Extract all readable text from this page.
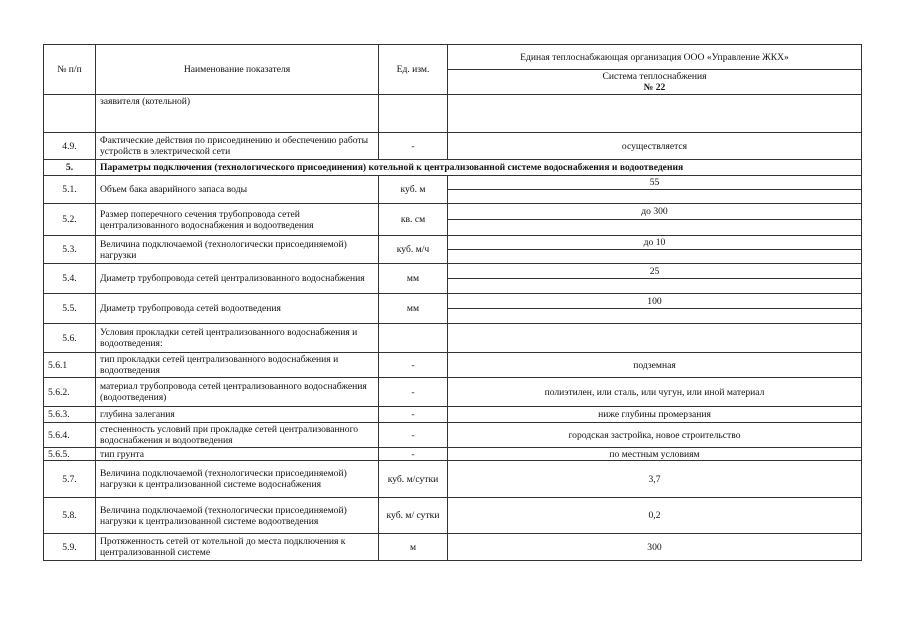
№ п/п	Наименование показателя	Ед. изм.	Единая теплоснабжающая организация ООО «Управление ЖКХ»

			Система теплоснабжения
№ 22

	заявителя (котельной)		
4.9.	Фактические действия по присоединению и обеспечению работы устройств в электрической сети	-	осуществляется
5.	Параметры подключения (технологического присоединения) котельной к централизованной системе водоснабжения и водоотведения		
5.1.	Объем бака аварийного запаса воды	куб. м	55

5.2.	Размер поперечного сечения трубопровода сетей централизованного водоснабжения и водоотведения	кв. см	до 300

5.3.	Величина подключаемой (технологически присоединяемой) нагрузки	куб. м/ч	до 10

5.4.	Диаметр трубопровода сетей централизованного водоснабжения	мм	25

5.5.	Диаметр трубопровода сетей водоотведения	мм	100

5.6.	Условия прокладки сетей централизованного водоснабжения и водоотведения:		
5.6.1	тип прокладки сетей централизованного водоснабжения и водоотведения	-	подземная
5.6.2.	материал трубопровода сетей централизованного водоснабжения (водоотведения)	-	полиэтилен, или сталь, или чугун, или иной материал
5.6.3.	глубина залегания	-	ниже глубины промерзания
5.6.4.	стесненность условий при прокладке сетей централизованного водоснабжения и водоотведения	-	городская застройка, новое строительство
5.6.5.	тип грунта	-	по местным условиям
5.7.	Величина подключаемой (технологически присоединяемой) нагрузки к централизованной системе водоснабжения	куб. м/сутки	3,7
5.8.	Величина подключаемой (технологически присоединяемой) нагрузки к централизованной системе водоотведения	куб. м/ сутки	0,2
5.9.	Протяженность сетей от котельной до места подключения к централизованной системе	м	300
